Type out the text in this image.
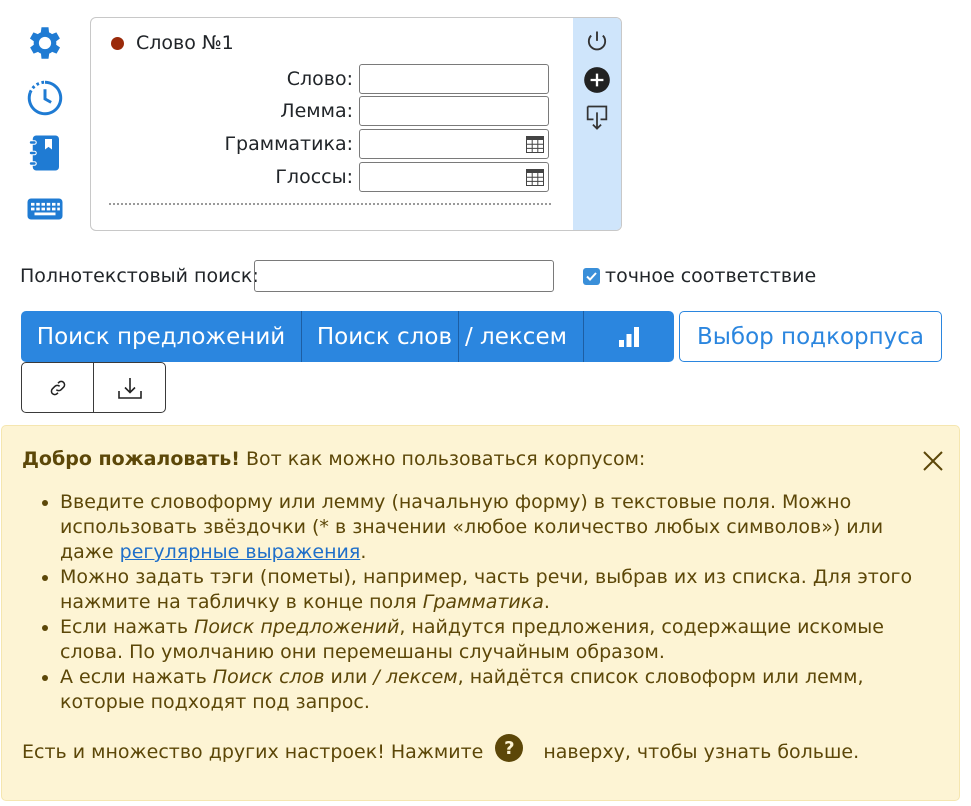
Слово №1
Слово:
Лемма:
Грамматика:
Глоссы:
Полнотекстовый поиск:	точное соответствие
Поиск предложений Поиск слов / лексем	Выбор подкорпуса
Добро пожаловать! Вот как можно пользоваться корпусом:
• Введите словоформу или лемму (начальную форму) в текстовые поля. Можно использовать звёздочки (* в значении «любое количество любых символов») или даже регулярные выражения.
• Можно задать тэги (пометы), например, часть речи, выбрав их из списка. Для этого нажмите на табличку в конце поля Грамматика.
• Если нажать Поиск предложений, найдутся предложения, содержащие искомые слова. По умолчанию они перемешаны случайным образом.
• А если нажать Поиск слов или / лексем, найдётся список словоформ или лемм, которые подходят под запрос.
Есть и множество других настроек! Нажмите	?	наверху, чтобы узнать больше.
